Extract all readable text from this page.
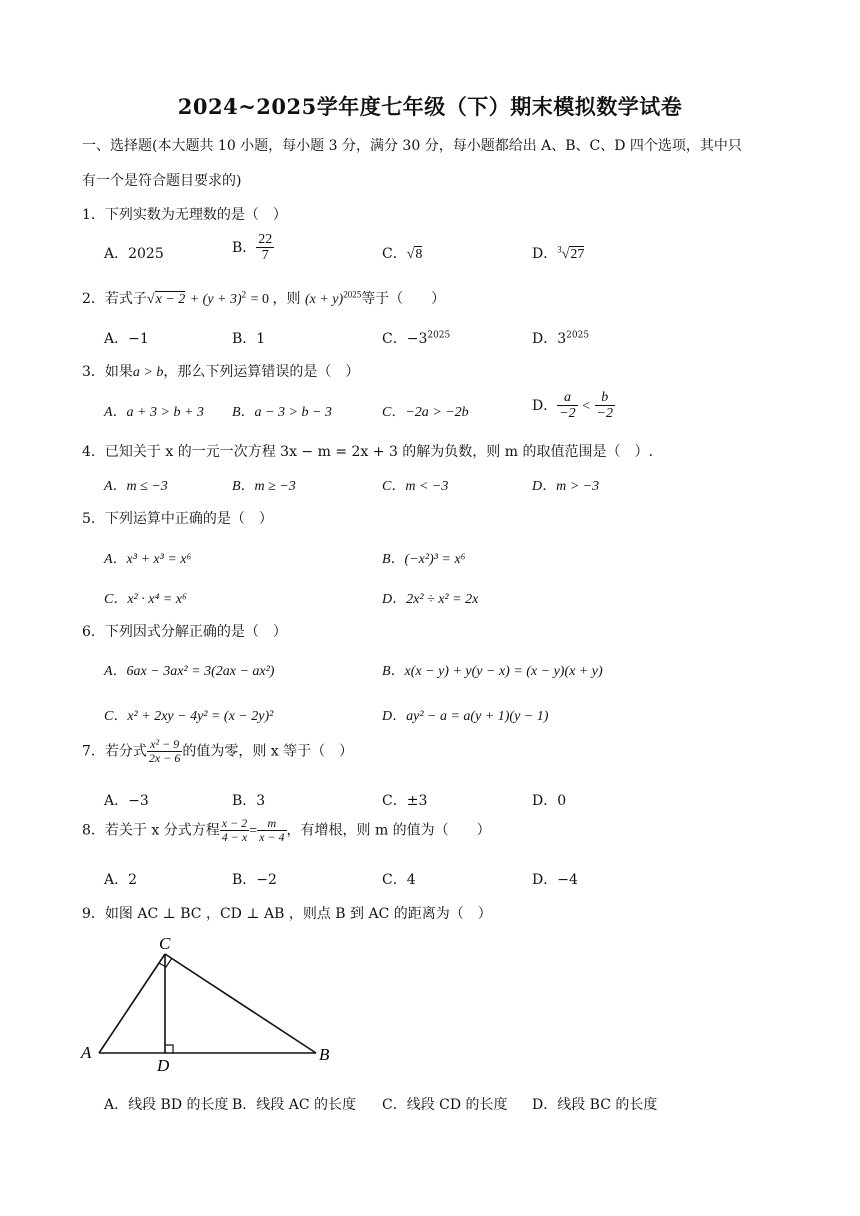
2024~2025学年度七年级（下）期末模拟数学试卷
一、选择题(本大题共 10 小题，每小题 3 分，满分 30 分，每小题都给出 A、B、C、D 四个选项，其中只
有一个是符合题目要求的)
1．下列实数为无理数的是（　）
A．2025	B． $\frac{22}{7}$	C．√8	D．$^3$√27
2．若式子$√x - 2 + (y + 3)^2 = 0$ ，则 $(x + y)^{2025}$等于（　　）
A．−1	B．1	C．$-3^{2025}$	D．$3^{2025}$
3．如果a > b，那么下列运算错误的是（　）
A．a + 3 > b + 3 B．a − 3 > b − 3	C．−2a > −2b	D． $\frac{a}{-2} < \frac{b}{-2}$
4．已知关于 x 的一元一次方程 3x − m = 2x + 3 的解为负数，则 m 的取值范围是（　）.
A．m ≤ −3	B．m ≥ −3	C．m < −3	D．m > −3
5．下列运算中正确的是（　）
A．x³ + x³ = x⁶	B．(−x²)³ = x⁶
C．x² · x⁴ = x⁶	D．2x² ÷ x² = 2x
6．下列因式分解正确的是（　）
A．6ax − 3ax² = 3(2ax − ax²)	B．x(x − y) + y(y − x) = (x − y)(x + y)
C．x² + 2xy − 4y² = (x − 2y)²	D．ay² − a = a(y + 1)(y − 1)
7．若分式 $\frac{\text{x² − 9}}{2x - 6}$ 的值为零，则 x 等于（　）
A．−3	B．3	C．±3	D．0
8．若关于 x 分式方程 $\frac{x - 2}{4 - x} = \frac{m}{x - 4}$ ，有增根，则 m 的值为（　　）
A．2	B．−2	C．4	D．−4
9．如图 AC ⊥ BC ，CD ⊥ AB ，则点 B 到 AC 的距离为（　）
A	B
C
D
A．线段 BD 的长度 B．线段 AC 的长度 C．线段 CD 的长度 D．线段 BC 的长度
